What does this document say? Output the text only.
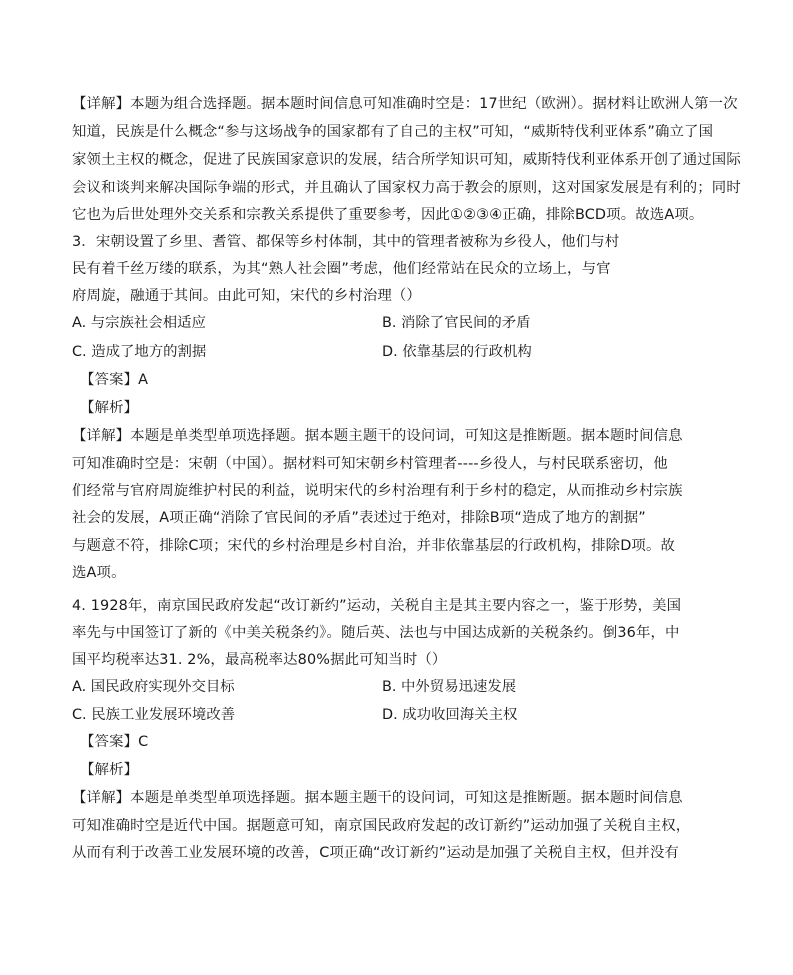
【详解】本题为组合选择题。据本题时间信息可知准确时空是：17世纪（欧洲）。据材料让欧洲人第一次
知道，民族是什么概念“参与这场战争的国家都有了自己的主权”可知，“威斯特伐利亚体系”确立了国
家领土主权的概念，促进了民族国家意识的发展，结合所学知识可知，威斯特伐利亚体系开创了通过国际
会议和谈判来解决国际争端的形式，并且确认了国家权力高于教会的原则，这对国家发展是有利的；同时
它也为后世处理外交关系和宗教关系提供了重要参考，因此①②③④正确，排除BCD项。故选A项。
3．宋朝设置了乡里、耆管、都保等乡村体制，其中的管理者被称为乡役人，他们与村
民有着千丝万缕的联系，为其“熟人社会圈”考虑，他们经常站在民众的立场上，与官
府周旋，融通于其间。由此可知，宋代的乡村治理（）
A. 与宗族社会相适应	B. 消除了官民间的矛盾
C. 造成了地方的割据	D. 依靠基层的行政机构
【答案】A
【解析】
【详解】本题是单类型单项选择题。据本题主题干的设问词，可知这是推断题。据本题时间信息
可知准确时空是：宋朝（中国）。据材料可知宋朝乡村管理者----乡役人，与村民联系密切，他
们经常与官府周旋维护村民的利益，说明宋代的乡村治理有利于乡村的稳定，从而推动乡村宗族
社会的发展，A项正确“消除了官民间的矛盾”表述过于绝对，排除B项“造成了地方的割据”
与题意不符，排除C项；宋代的乡村治理是乡村自治，并非依靠基层的行政机构，排除D项。故
选A项。
4. 1928年，南京国民政府发起“改订新约”运动，关税自主是其主要内容之一，鉴于形势，美国
率先与中国签订了新的《中美关税条约》。随后英、法也与中国达成新的关税条约。倒36年，中
国平均税率达31. 2%，最高税率达80%据此可知当时（）
A. 国民政府实现外交目标	B. 中外贸易迅速发展
C. 民族工业发展环境改善	D. 成功收回海关主权
【答案】C
【解析】
【详解】本题是单类型单项选择题。据本题主题干的设问词，可知这是推断题。据本题时间信息
可知准确时空是近代中国。据题意可知，南京国民政府发起的改订新约”运动加强了关税自主权，
从而有利于改善工业发展环境的改善，C项正确“改订新约”运动是加强了关税自主权，但并没有
